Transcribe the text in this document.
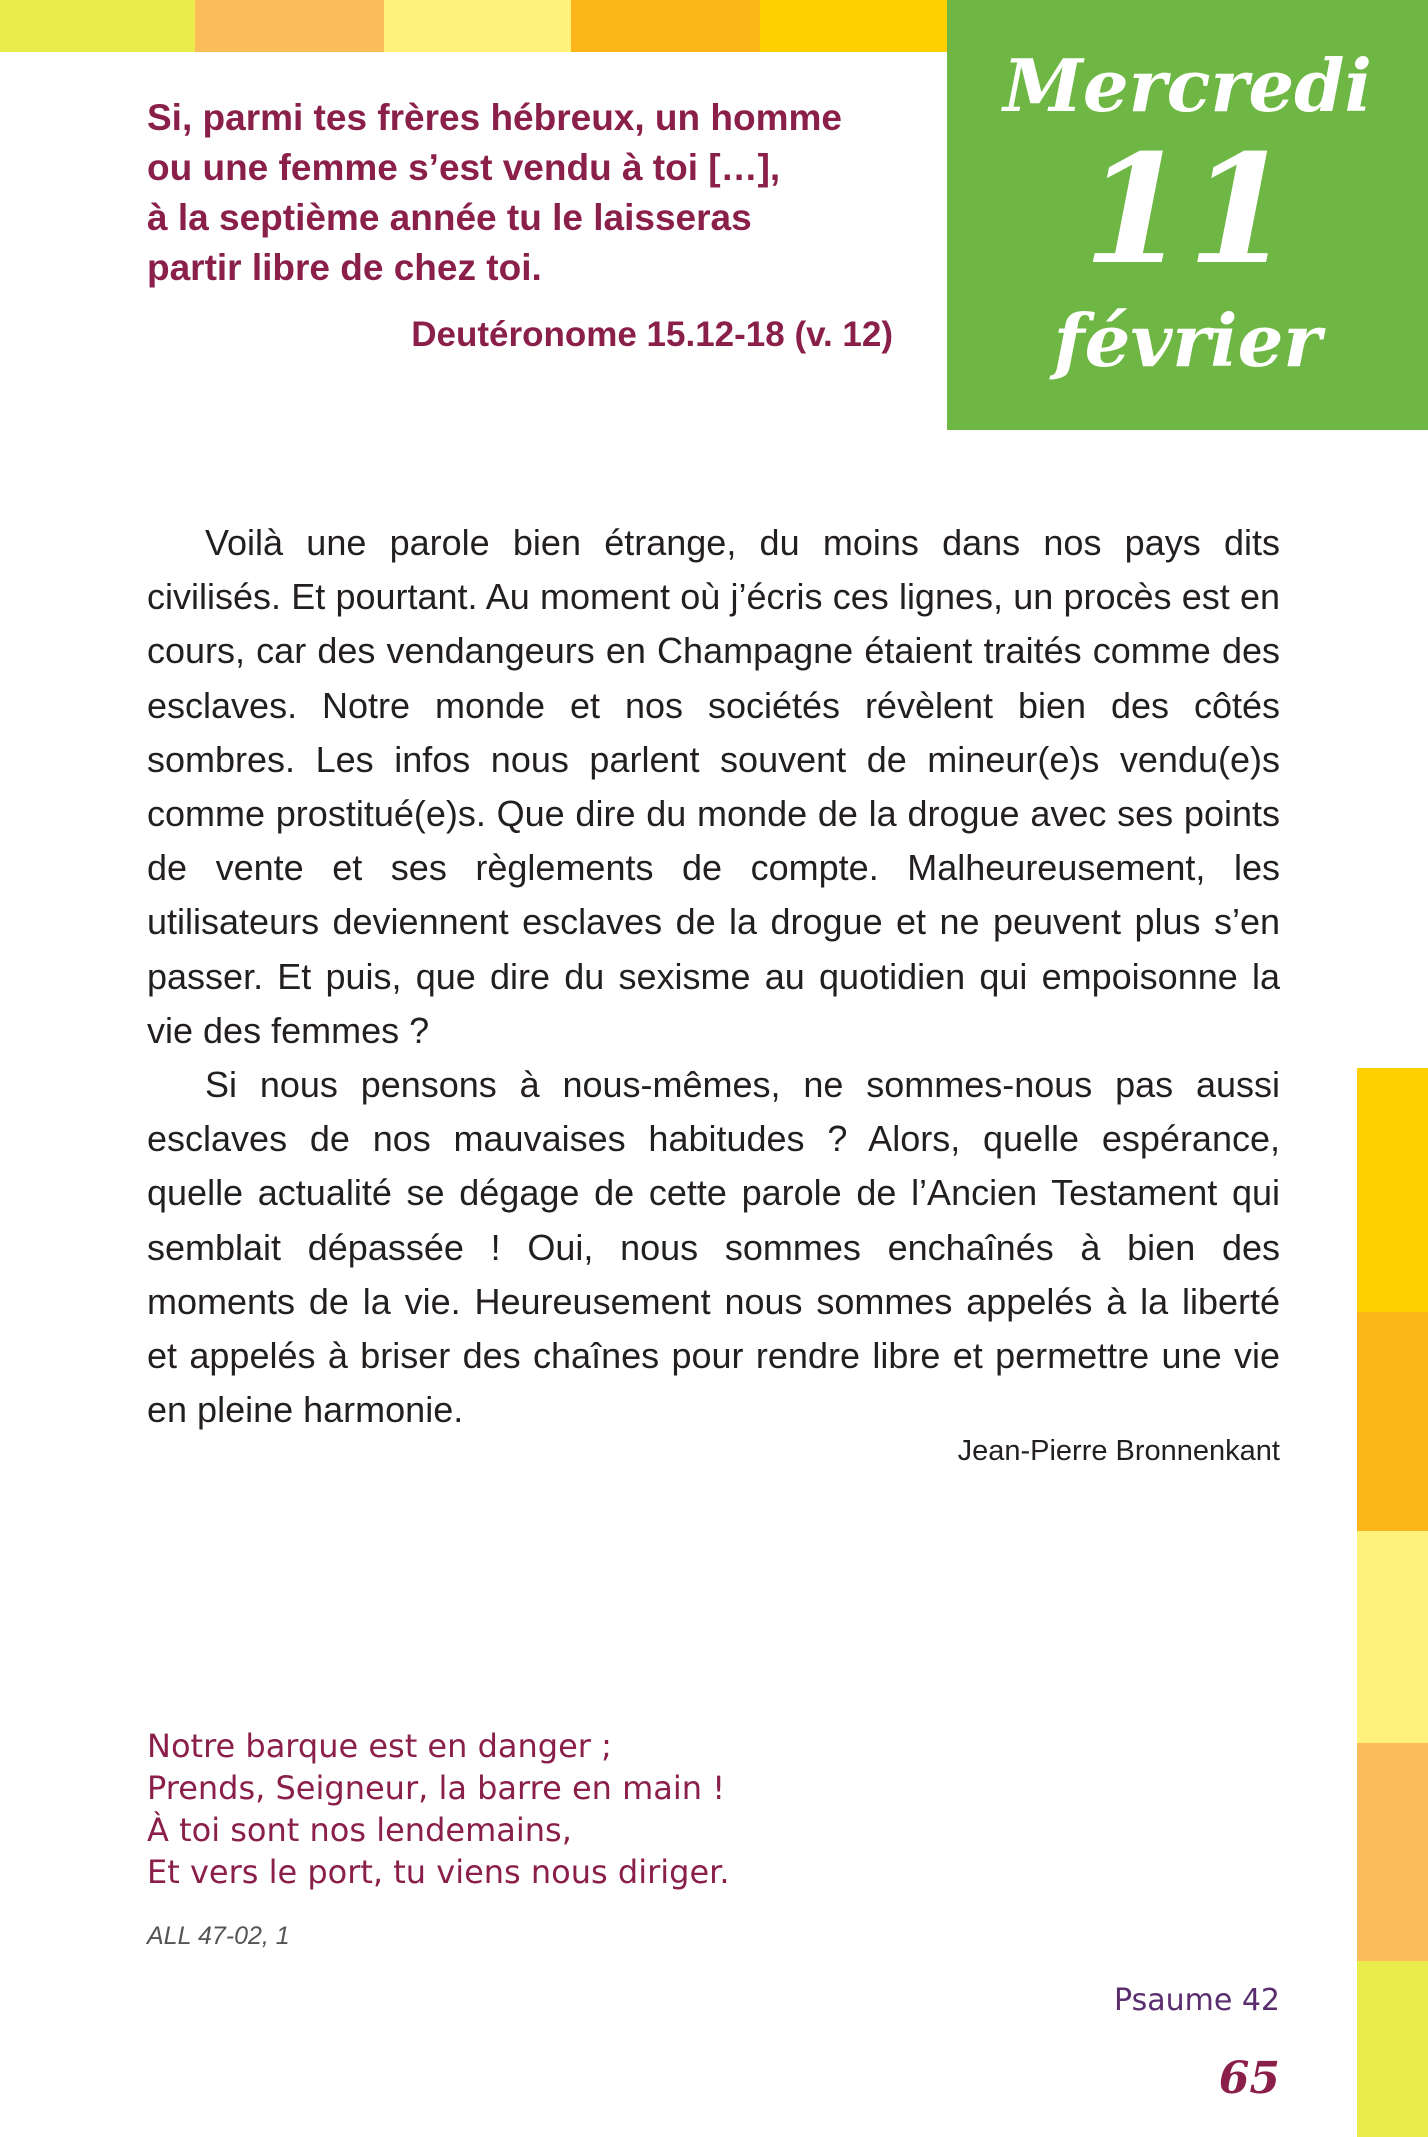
Mercredi
11
février
Si, parmi tes frères hébreux, un homme
ou une femme s’est vendu à toi […],
à la septième année tu le laisseras
partir libre de chez toi.
Deutéronome 15.12-18 (v. 12)

Voilà une parole bien étrange, du moins dans nos pays dits civilisés. Et pourtant. Au moment où j’écris ces lignes, un procès est en cours, car des vendangeurs en Champagne étaient traités comme des esclaves. Notre monde et nos sociétés révèlent bien des côtés sombres. Les infos nous parlent souvent de mineur(e)s vendu(e)s comme prostitué(e)s. Que dire du monde de la drogue avec ses points de vente et ses règlements de compte. Malheureusement, les utilisateurs deviennent esclaves de la drogue et ne peuvent plus s’en passer. Et puis, que dire du sexisme au quotidien qui empoisonne la vie des femmes ?

Si nous pensons à nous-mêmes, ne sommes-nous pas aussi esclaves de nos mauvaises habitudes ? Alors, quelle espérance, quelle actualité se dégage de cette parole de l’Ancien Testament qui semblait dépassée ! Oui, nous sommes enchaînés à bien des moments de la vie. Heureusement nous sommes appelés à la liberté et appelés à briser des chaînes pour rendre libre et permettre une vie en pleine harmonie.

Jean-Pierre Bronnenkant
Notre barque est en danger ;
Prends, Seigneur, la barre en main !
À toi sont nos lendemains,
Et vers le port, tu viens nous diriger.
ALL 47-02, 1
Psaume 42
65
